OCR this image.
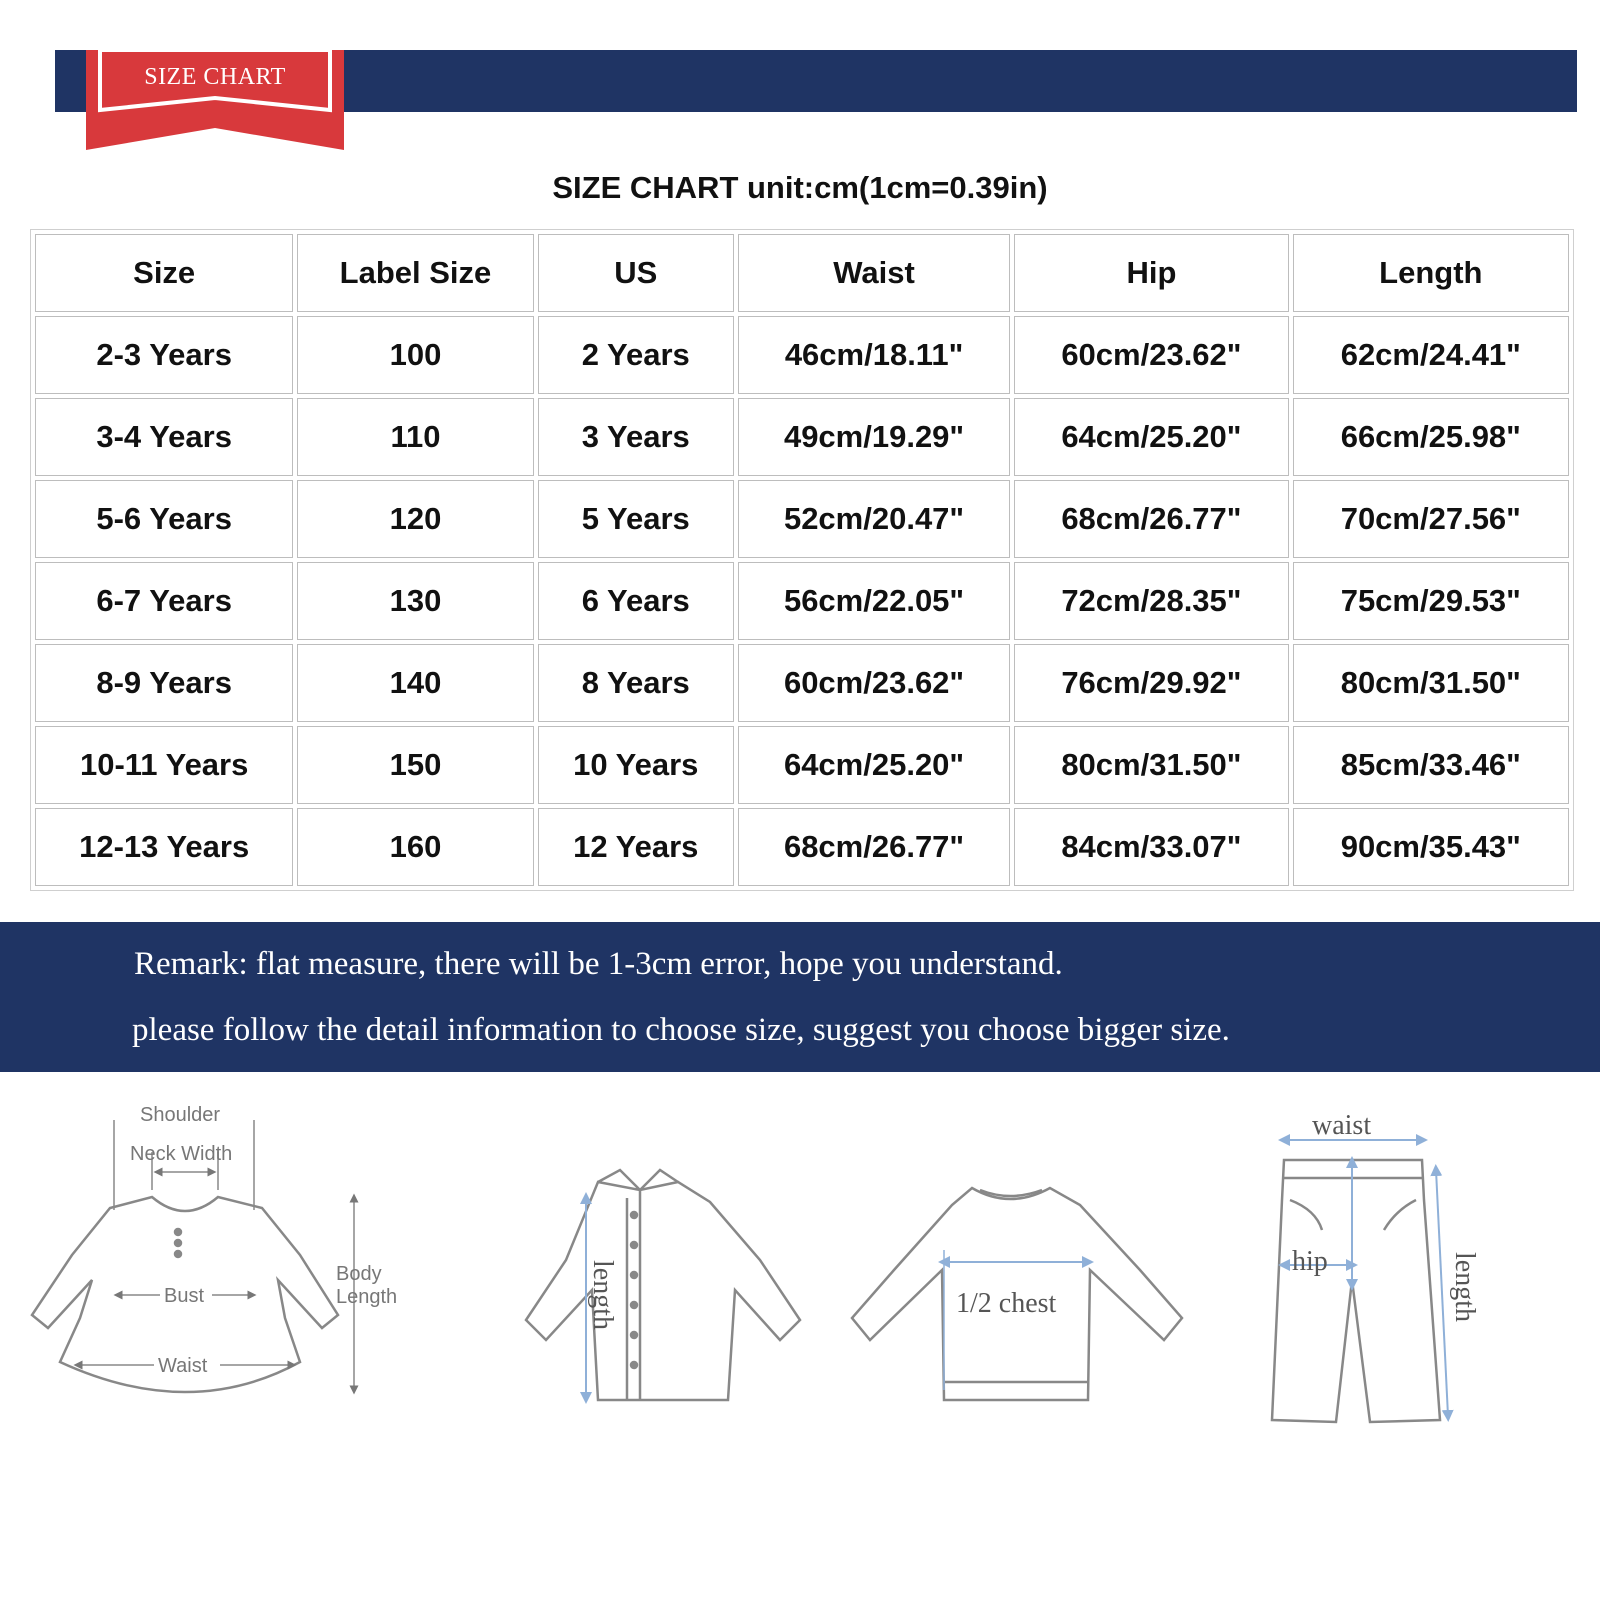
SIZE CHART
SIZE CHART unit:cm(1cm=0.39in)
Size	Label Size	US	Waist	Hip	Length
2-3 Years	100	2 Years	46cm/18.11"	60cm/23.62"	62cm/24.41"
3-4 Years	110	3 Years	49cm/19.29"	64cm/25.20"	66cm/25.98"
5-6 Years	120	5 Years	52cm/20.47"	68cm/26.77"	70cm/27.56"
6-7 Years	130	6 Years	56cm/22.05"	72cm/28.35"	75cm/29.53"
8-9 Years	140	8 Years	60cm/23.62"	76cm/29.92"	80cm/31.50"
10-11 Years	150	10 Years	64cm/25.20"	80cm/31.50"	85cm/33.46"
12-13 Years	160	12 Years	68cm/26.77"	84cm/33.07"	90cm/35.43"
Remark: flat measure, there will be 1-3cm error, hope you understand.
please follow the detail information to choose size, suggest you choose bigger size.
Shoulder
Neck Width
Bust
Waist
Body
Length	length	1/2 chest
waist
hip	length
